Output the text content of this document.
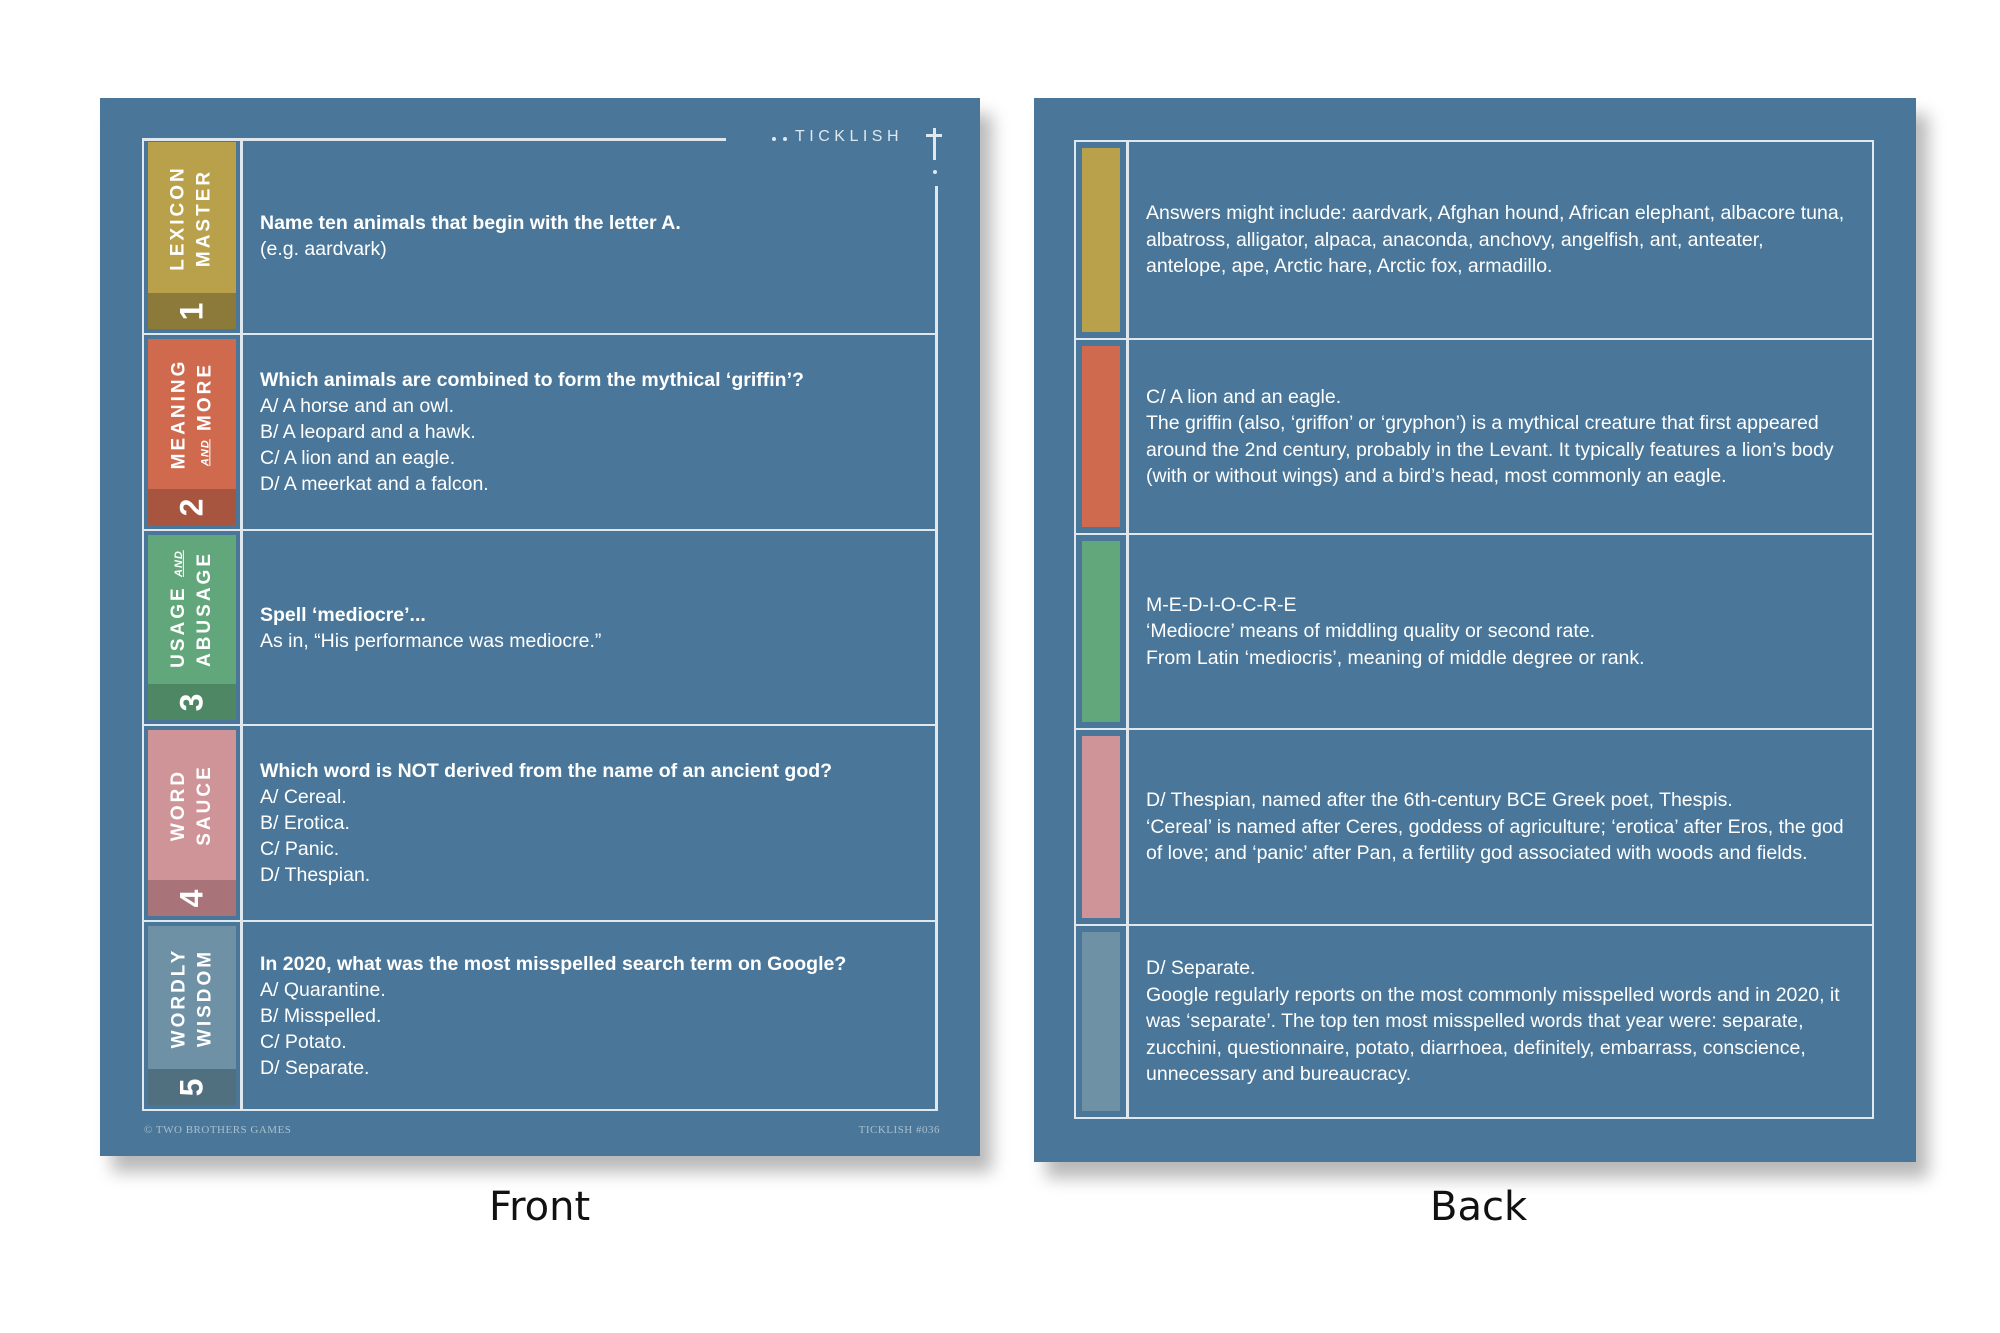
TICKLISH
LEXICON MASTER
1

Name ten animals that begin with the letter A.

(e.g. aardvark)

MEANING AND MORE
2

Which animals are combined to form the mythical ‘griffin’?

A/ A horse and an owl.

B/ A leopard and a hawk.

C/ A lion and an eagle.

D/ A meerkat and a falcon.

USAGE AND ABUSAGE
3

Spell ‘mediocre’...

As in, “His performance was mediocre.”

WORD SAUCE
4

Which word is NOT derived from the name of an ancient god?

A/ Cereal.

B/ Erotica.

C/ Panic.

D/ Thespian.

WORDLY WISDOM
5

In 2020, what was the most misspelled search term on Google?

A/ Quarantine.

B/ Misspelled.

C/ Potato.

D/ Separate.

© TWO BROTHERS GAMES	TICKLISH #036

Answers might include: aardvark, Afghan hound, African elephant, albacore tuna, albatross, alligator, alpaca, anaconda, anchovy, angelfish, ant, anteater, antelope, ape, Arctic hare, Arctic fox, armadillo.

C/ A lion and an eagle.

The griffin (also, ‘griffon’ or ‘gryphon’) is a mythical creature that first appeared around the 2nd century, probably in the Levant. It typically features a lion’s body (with or without wings) and a bird’s head, most commonly an eagle.

M-E-D-I-O-C-R-E

‘Mediocre’ means of middling quality or second rate.

From Latin ‘mediocris’, meaning of middle degree or rank.

D/ Thespian, named after the 6th-century BCE Greek poet, Thespis.

‘Cereal’ is named after Ceres, goddess of agriculture; ‘erotica’ after Eros, the god of love; and ‘panic’ after Pan, a fertility god associated with woods and fields.

D/ Separate.

Google regularly reports on the most commonly misspelled words and in 2020, it was ‘separate’. The top ten most misspelled words that year were: separate, zucchini, questionnaire, potato, diarrhoea, definitely, embarrass, conscience, unnecessary and bureaucracy.

Front	Back
